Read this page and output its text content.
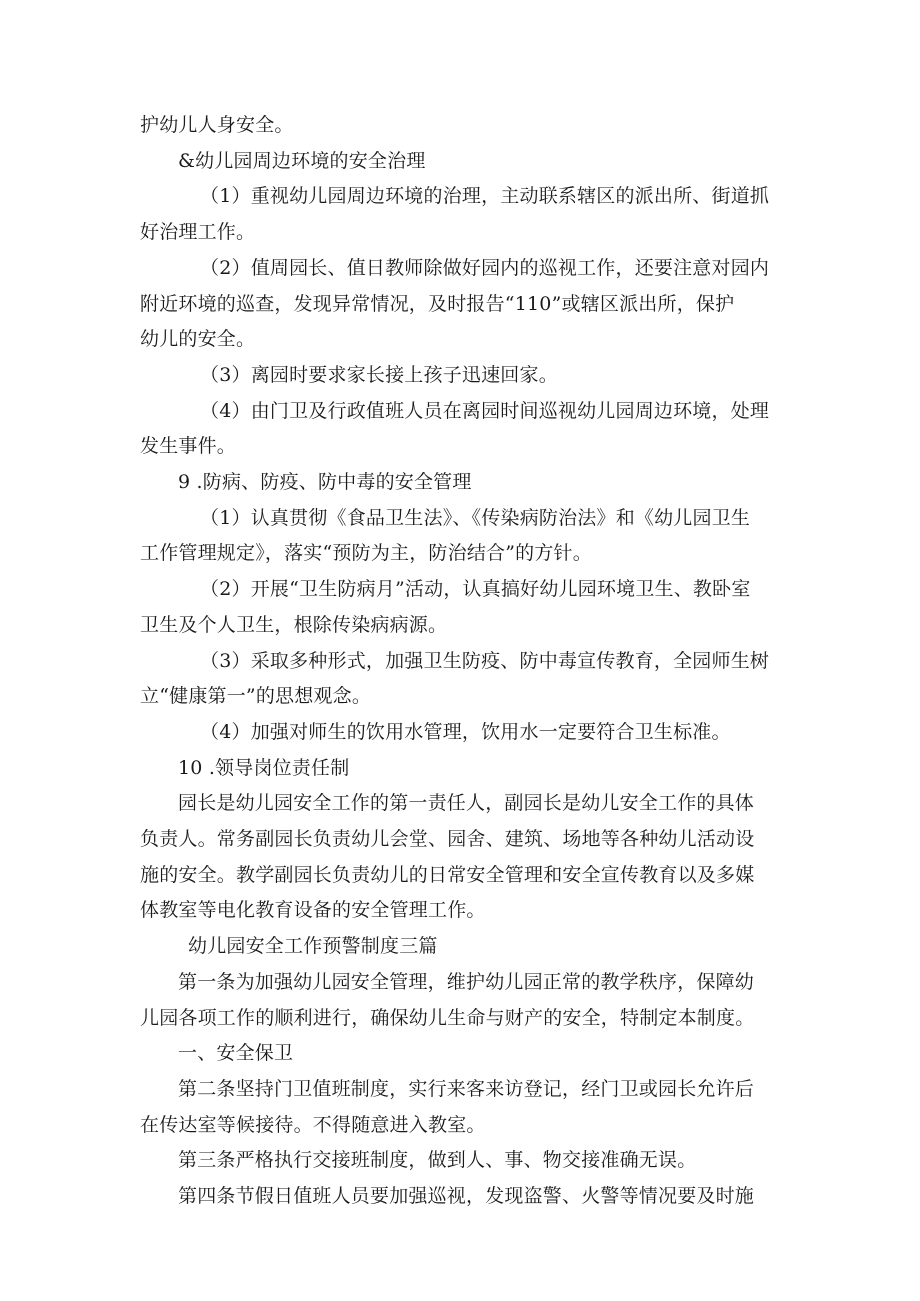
护幼儿人身安全。
&幼儿园周边环境的安全治理
（1）重视幼儿园周边环境的治理，主动联系辖区的派出所、街道抓
好治理工作。
（2）值周园长、值日教师除做好园内的巡视工作，还要注意对园内
附近环境的巡查，发现异常情况，及时报告“110”或辖区派出所，保护
幼儿的安全。
（3）离园时要求家长接上孩子迅速回家。
（4）由门卫及行政值班人员在离园时间巡视幼儿园周边环境，处理
发生事件。
9 .防病、防疫、防中毒的安全管理
（1）认真贯彻《食品卫生法》、《传染病防治法》和《幼儿园卫生
工作管理规定》，落实“预防为主，防治结合”的方针。
（2）开展“卫生防病月”活动，认真搞好幼儿园环境卫生、教卧室
卫生及个人卫生，根除传染病病源。
（3）采取多种形式，加强卫生防疫、防中毒宣传教育，全园师生树
立“健康第一”的思想观念。
（4）加强对师生的饮用水管理，饮用水一定要符合卫生标准。
10 .领导岗位责任制
园长是幼儿园安全工作的第一责任人，副园长是幼儿安全工作的具体
负责人。常务副园长负责幼儿会堂、园舍、建筑、场地等各种幼儿活动设
施的安全。教学副园长负责幼儿的日常安全管理和安全宣传教育以及多媒
体教室等电化教育设备的安全管理工作。
幼儿园安全工作预警制度三篇
第一条为加强幼儿园安全管理，维护幼儿园正常的教学秩序，保障幼
儿园各项工作的顺利进行，确保幼儿生命与财产的安全，特制定本制度。
一、安全保卫
第二条坚持门卫值班制度，实行来客来访登记，经门卫或园长允许后
在传达室等候接待。不得随意进入教室。
第三条严格执行交接班制度，做到人、事、物交接准确无误。
第四条节假日值班人员要加强巡视，发现盗警、火警等情况要及时施
